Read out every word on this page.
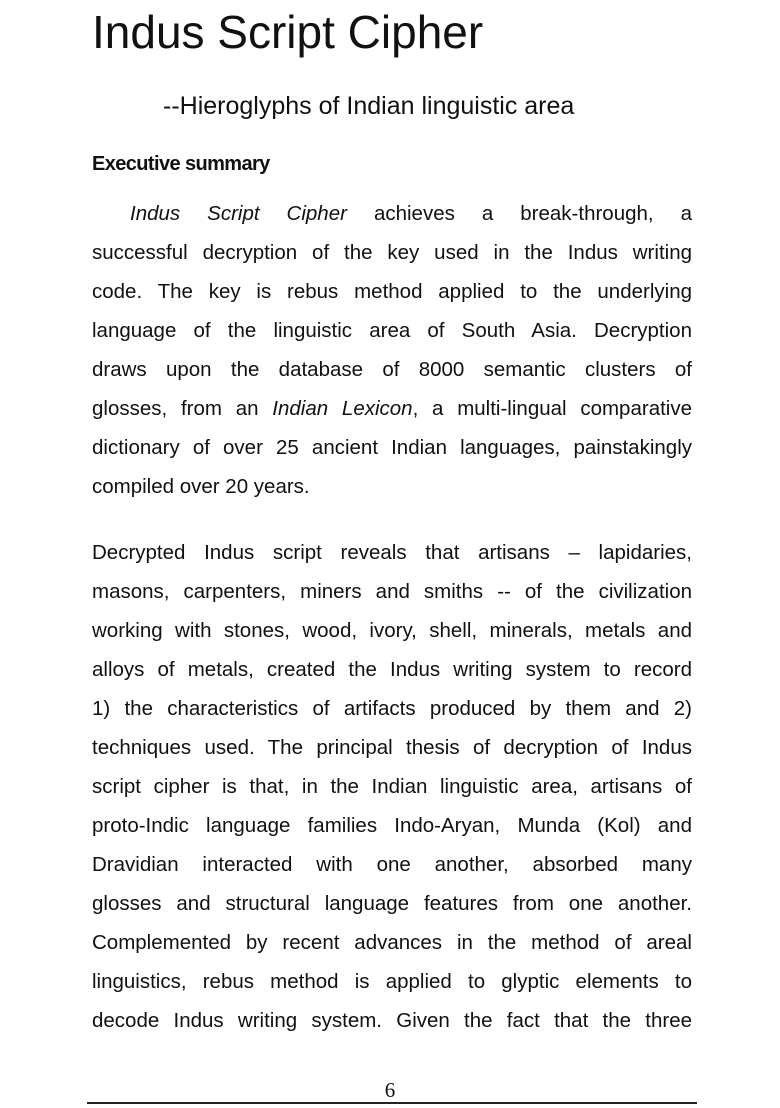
Indus Script Cipher
--Hieroglyphs of Indian linguistic area
Executive summary
Indus Script Cipher achieves a break-through, a
successful decryption of the key used in the Indus writing
code. The key is rebus method applied to the underlying
language of the linguistic area of South Asia. Decryption
draws upon the database of 8000 semantic clusters of
glosses, from an Indian Lexicon, a multi-lingual comparative
dictionary of over 25 ancient Indian languages, painstakingly
compiled over 20 years.
Decrypted Indus script reveals that artisans – lapidaries,
masons, carpenters, miners and smiths -- of the civilization
working with stones, wood, ivory, shell, minerals, metals and
alloys of metals, created the Indus writing system to record
1) the characteristics of artifacts produced by them and 2)
techniques used. The principal thesis of decryption of Indus
script cipher is that, in the Indian linguistic area, artisans of
proto-Indic language families Indo-Aryan, Munda (Kol) and
Dravidian interacted with one another, absorbed many
glosses and structural language features from one another.
Complemented by recent advances in the method of areal
linguistics, rebus method is applied to glyptic elements to
decode Indus writing system. Given the fact that the three
6
